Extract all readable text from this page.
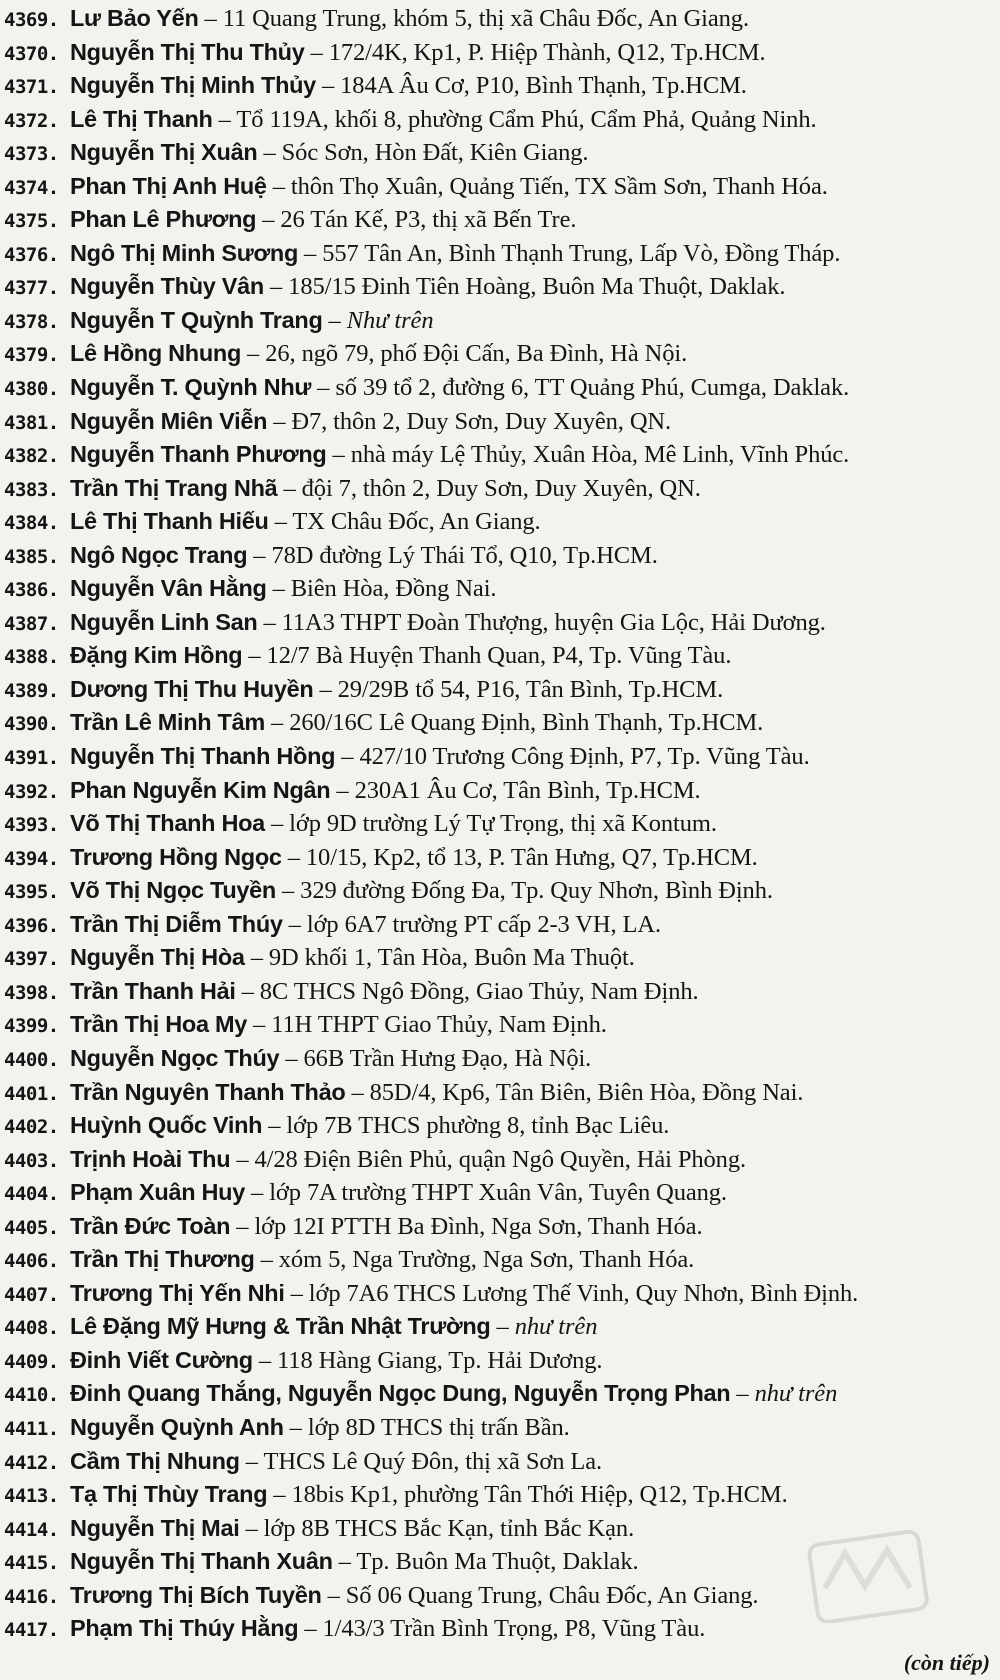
4369. Lư Bảo Yến – 11 Quang Trung, khóm 5, thị xã Châu Đốc, An Giang.
4370. Nguyễn Thị Thu Thủy – 172/4K, Kp1, P. Hiệp Thành, Q12, Tp.HCM.
4371. Nguyễn Thị Minh Thủy – 184A Âu Cơ, P10, Bình Thạnh, Tp.HCM.
4372. Lê Thị Thanh – Tổ 119A, khối 8, phường Cẩm Phú, Cẩm Phả, Quảng Ninh.
4373. Nguyễn Thị Xuân – Sóc Sơn, Hòn Đất, Kiên Giang.
4374. Phan Thị Anh Huệ – thôn Thọ Xuân, Quảng Tiến, TX Sầm Sơn, Thanh Hóa.
4375. Phan Lê Phương – 26 Tán Kế, P3, thị xã Bến Tre.
4376. Ngô Thị Minh Sương – 557 Tân An, Bình Thạnh Trung, Lấp Vò, Đồng Tháp.
4377. Nguyễn Thùy Vân – 185/15 Đinh Tiên Hoàng, Buôn Ma Thuột, Daklak.
4378. Nguyễn T Quỳnh Trang – Như trên
4379. Lê Hồng Nhung – 26, ngõ 79, phố Đội Cấn, Ba Đình, Hà Nội.
4380. Nguyễn T. Quỳnh Như – số 39 tổ 2, đường 6, TT Quảng Phú, Cumga, Daklak.
4381. Nguyễn Miên Viễn – Đ7, thôn 2, Duy Sơn, Duy Xuyên, QN.
4382. Nguyễn Thanh Phương – nhà máy Lệ Thủy, Xuân Hòa, Mê Linh, Vĩnh Phúc.
4383. Trần Thị Trang Nhã – đội 7, thôn 2, Duy Sơn, Duy Xuyên, QN.
4384. Lê Thị Thanh Hiếu – TX Châu Đốc, An Giang.
4385. Ngô Ngọc Trang – 78D đường Lý Thái Tổ, Q10, Tp.HCM.
4386. Nguyễn Vân Hằng – Biên Hòa, Đồng Nai.
4387. Nguyễn Linh San – 11A3 THPT Đoàn Thượng, huyện Gia Lộc, Hải Dương.
4388. Đặng Kim Hồng – 12/7 Bà Huyện Thanh Quan, P4, Tp. Vũng Tàu.
4389. Dương Thị Thu Huyền – 29/29B tổ 54, P16, Tân Bình, Tp.HCM.
4390. Trần Lê Minh Tâm – 260/16C Lê Quang Định, Bình Thạnh, Tp.HCM.
4391. Nguyễn Thị Thanh Hồng – 427/10 Trương Công Định, P7, Tp. Vũng Tàu.
4392. Phan Nguyễn Kim Ngân – 230A1 Âu Cơ, Tân Bình, Tp.HCM.
4393. Võ Thị Thanh Hoa – lớp 9D trường Lý Tự Trọng, thị xã Kontum.
4394. Trương Hồng Ngọc – 10/15, Kp2, tổ 13, P. Tân Hưng, Q7, Tp.HCM.
4395. Võ Thị Ngọc Tuyền – 329 đường Đống Đa, Tp. Quy Nhơn, Bình Định.
4396. Trần Thị Diễm Thúy – lớp 6A7 trường PT cấp 2-3 VH, LA.
4397. Nguyễn Thị Hòa – 9D khối 1, Tân Hòa, Buôn Ma Thuột.
4398. Trần Thanh Hải – 8C THCS Ngô Đồng, Giao Thủy, Nam Định.
4399. Trần Thị Hoa My – 11H THPT Giao Thủy, Nam Định.
4400. Nguyễn Ngọc Thúy – 66B Trần Hưng Đạo, Hà Nội.
4401. Trần Nguyên Thanh Thảo – 85D/4, Kp6, Tân Biên, Biên Hòa, Đồng Nai.
4402. Huỳnh Quốc Vinh – lớp 7B THCS phường 8, tỉnh Bạc Liêu.
4403. Trịnh Hoài Thu – 4/28 Điện Biên Phủ, quận Ngô Quyền, Hải Phòng.
4404. Phạm Xuân Huy – lớp 7A trường THPT Xuân Vân, Tuyên Quang.
4405. Trần Đức Toàn – lớp 12I PTTH Ba Đình, Nga Sơn, Thanh Hóa.
4406. Trần Thị Thương – xóm 5, Nga Trường, Nga Sơn, Thanh Hóa.
4407. Trương Thị Yến Nhi – lớp 7A6 THCS Lương Thế Vinh, Quy Nhơn, Bình Định.
4408. Lê Đặng Mỹ Hưng & Trần Nhật Trường – như trên
4409. Đinh Viết Cường – 118 Hàng Giang, Tp. Hải Dương.
4410. Đinh Quang Thắng, Nguyễn Ngọc Dung, Nguyễn Trọng Phan – như trên
4411. Nguyễn Quỳnh Anh – lớp 8D THCS thị trấn Bần.
4412. Cầm Thị Nhung – THCS Lê Quý Đôn, thị xã Sơn La.
4413. Tạ Thị Thùy Trang – 18bis Kp1, phường Tân Thới Hiệp, Q12, Tp.HCM.
4414. Nguyễn Thị Mai – lớp 8B THCS Bắc Kạn, tỉnh Bắc Kạn.
4415. Nguyễn Thị Thanh Xuân – Tp. Buôn Ma Thuột, Daklak.
4416. Trương Thị Bích Tuyền – Số 06 Quang Trung, Châu Đốc, An Giang.
4417. Phạm Thị Thúy Hằng – 1/43/3 Trần Bình Trọng, P8, Vũng Tàu.
(còn tiếp)
